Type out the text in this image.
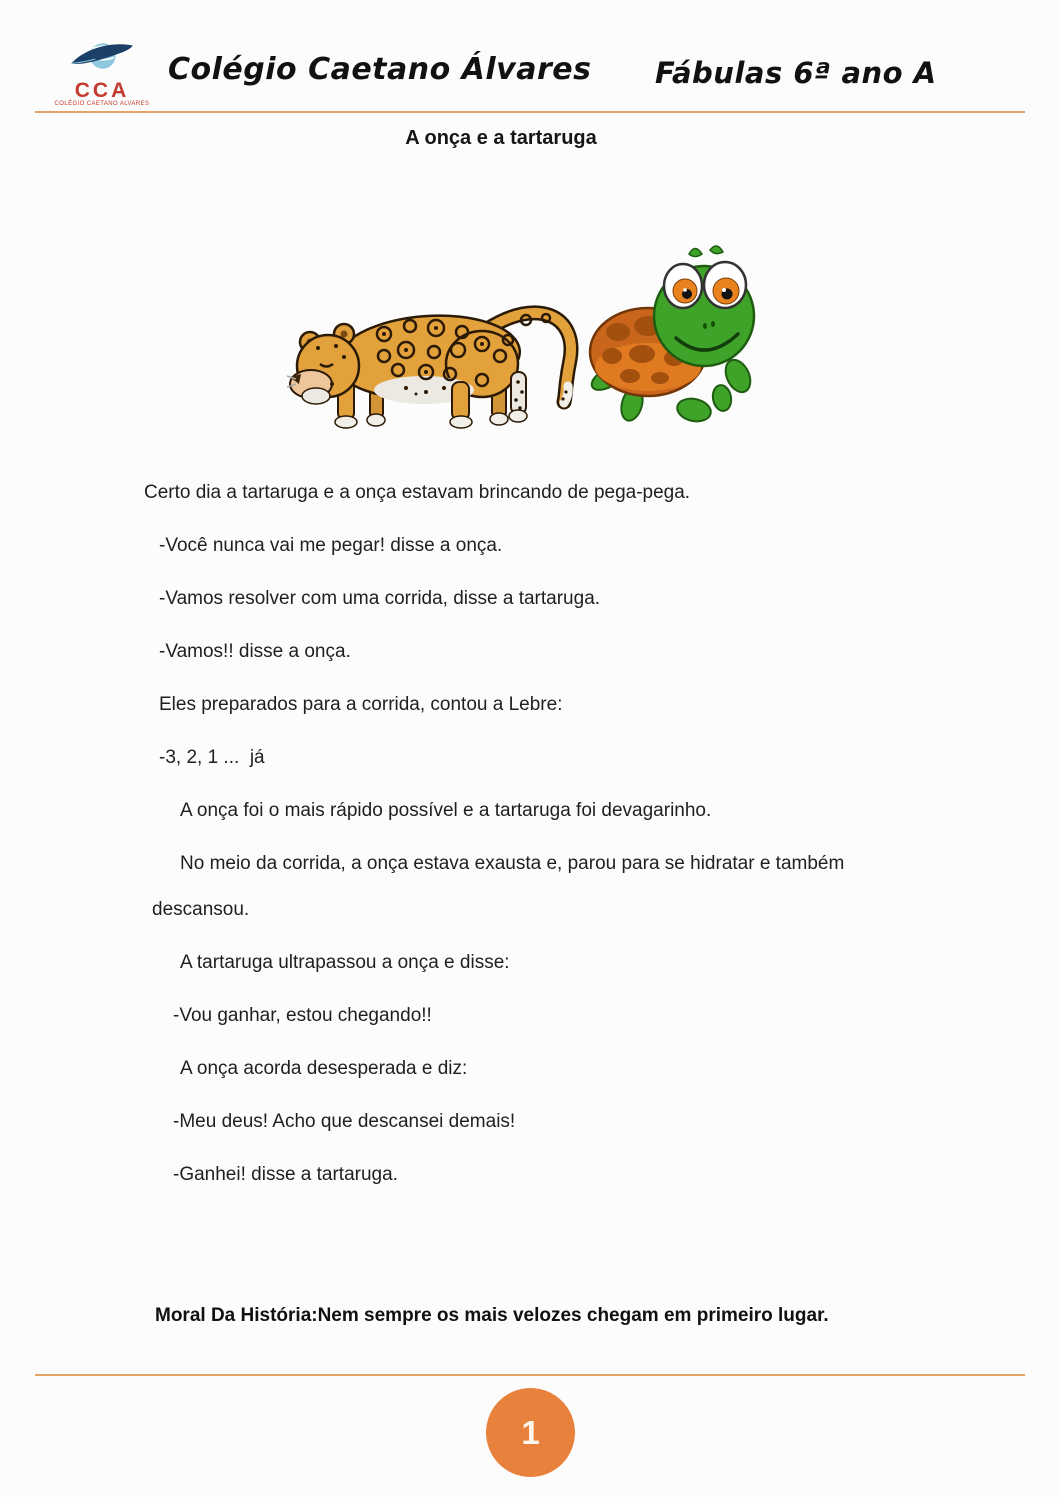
CCA
COLÉGIO CAETANO ALVARES
Colégio Caetano Álvares Fábulas 6ª ano A
A onça e a tartaruga

Certo dia a tartaruga e a onça estavam brincando de pega-pega.

-Você nunca vai me pegar! disse a onça.

-Vamos resolver com uma corrida, disse a tartaruga.

-Vamos!! disse a onça.

Eles preparados para a corrida, contou a Lebre:

-3, 2, 1 ...  já

A onça foi o mais rápido possível e a tartaruga foi devagarinho.

No meio da corrida, a onça estava exausta e, parou para se hidratar e também descansou.

A tartaruga ultrapassou a onça e disse:

-Vou ganhar, estou chegando!!

A onça acorda desesperada e diz:

-Meu deus! Acho que descansei demais!

-Ganhei! disse a tartaruga.

Moral Da História:Nem sempre os mais velozes chegam em primeiro lugar.

1
